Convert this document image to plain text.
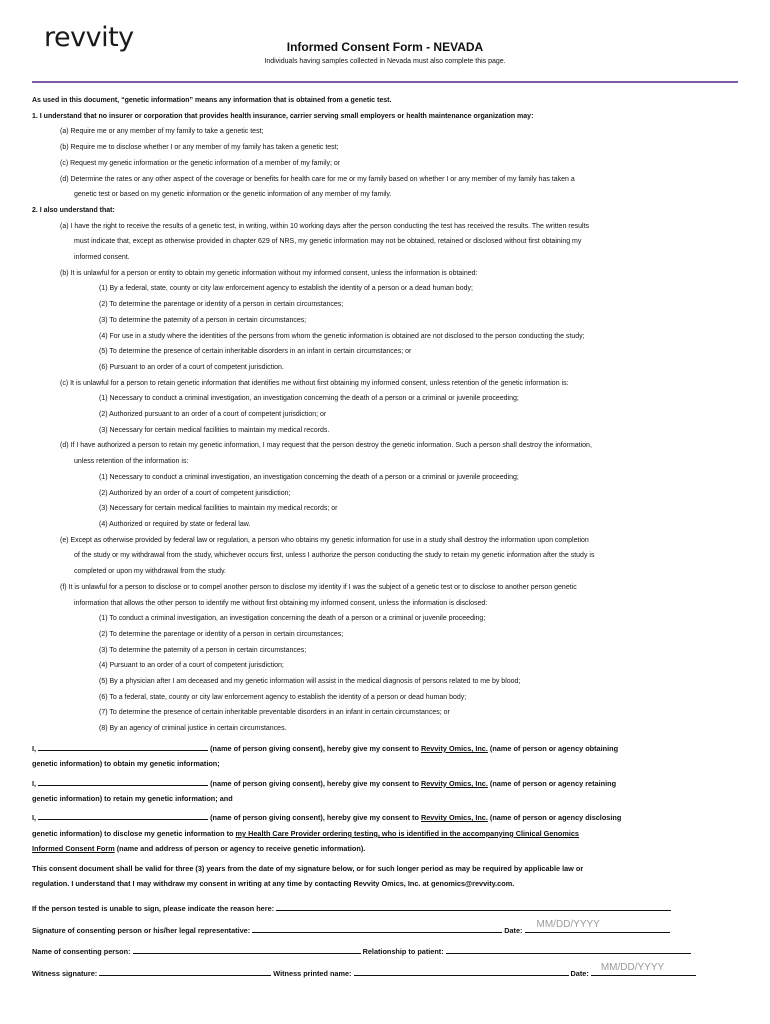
revvity	Informed Consent Form - NEVADA
Individuals having samples collected in Nevada must also complete this page.

As used in this document, “genetic information” means any information that is obtained from a genetic test.

1. I understand that no insurer or corporation that provides health insurance, carrier serving small employers or health maintenance organization may:

(a) Require me or any member of my family to take a genetic test;

(b) Require me to disclose whether I or any member of my family has taken a genetic test;

(c) Request my genetic information or the genetic information of a member of my family; or

(d) Determine the rates or any other aspect of the coverage or benefits for health care for me or my family based on whether I or any member of my family has taken a

genetic test or based on my genetic information or the genetic information of any member of my family.

2. I also understand that:

(a) I have the right to receive the results of a genetic test, in writing, within 10 working days after the person conducting the test has received the results. The written results

must indicate that, except as otherwise provided in chapter 629 of NRS, my genetic information may not be obtained, retained or disclosed without first obtaining my

informed consent.

(b) It is unlawful for a person or entity to obtain my genetic information without my informed consent, unless the information is obtained:

(1) By a federal, state, county or city law enforcement agency to establish the identity of a person or a dead human body;

(2) To determine the parentage or identity of a person in certain circumstances;

(3) To determine the paternity of a person in certain circumstances;

(4) For use in a study where the identities of the persons from whom the genetic information is obtained are not disclosed to the person conducting the study;

(5) To determine the presence of certain inheritable disorders in an infant in certain circumstances; or

(6) Pursuant to an order of a court of competent jurisdiction.

(c) It is unlawful for a person to retain genetic information that identifies me without first obtaining my informed consent, unless retention of the genetic information is:

(1) Necessary to conduct a criminal investigation, an investigation concerning the death of a person or a criminal or juvenile proceeding;

(2) Authorized pursuant to an order of a court of competent jurisdiction; or

(3) Necessary for certain medical facilities to maintain my medical records.

(d) If I have authorized a person to retain my genetic information, I may request that the person destroy the genetic information. Such a person shall destroy the information,

unless retention of the information is:

(1) Necessary to conduct a criminal investigation, an investigation concerning the death of a person or a criminal or juvenile proceeding;

(2) Authorized by an order of a court of competent jurisdiction;

(3) Necessary for certain medical facilities to maintain my medical records; or

(4) Authorized or required by state or federal law.

(e) Except as otherwise provided by federal law or regulation, a person who obtains my genetic information for use in a study shall destroy the information upon completion

of the study or my withdrawal from the study, whichever occurs first, unless I authorize the person conducting the study to retain my genetic information after the study is

completed or upon my withdrawal from the study.

(f) It is unlawful for a person to disclose or to compel another person to disclose my identity if I was the subject of a genetic test or to disclose to another person genetic

information that allows the other person to identify me without first obtaining my informed consent, unless the information is disclosed:

(1) To conduct a criminal investigation, an investigation concerning the death of a person or a criminal or juvenile proceeding;

(2) To determine the parentage or identity of a person in certain circumstances;

(3) To determine the paternity of a person in certain circumstances;

(4) Pursuant to an order of a court of competent jurisdiction;

(5) By a physician after I am deceased and my genetic information will assist in the medical diagnosis of persons related to me by blood;

(6) To a federal, state, county or city law enforcement agency to establish the identity of a person or dead human body;

(7) To determine the presence of certain inheritable preventable disorders in an infant in certain circumstances; or

(8) By an agency of criminal justice in certain circumstances.

I,	(name of person giving consent), hereby give my consent to Revvity Omics, Inc. (name of person or agency obtaining
genetic information) to obtain my genetic information;

I,	(name of person giving consent), hereby give my consent to Revvity Omics, Inc. (name of person or agency retaining
genetic information) to retain my genetic information; and

I,	(name of person giving consent), hereby give my consent to Revvity Omics, Inc. (name of person or agency disclosing
genetic information) to disclose my genetic information to my Health Care Provider ordering testing, who is identified in the accompanying Clinical Genomics
Informed Consent Form (name and address of person or agency to receive genetic information).

This consent document shall be valid for three (3) years from the date of my signature below, or for such longer period as may be required by applicable law or
regulation. I understand that I may withdraw my consent in writing at any time by contacting Revvity Omics, Inc. at genomics@revvity.com.

If the person tested is unable to sign, please indicate the reason here:

Signature of consenting person or his/her legal representative:	Date:
MM/DD/YYYY

Name of consenting person:	Relationship to patient:

Witness signature:	Witness printed name:	Date:
MM/DD/YYYY
